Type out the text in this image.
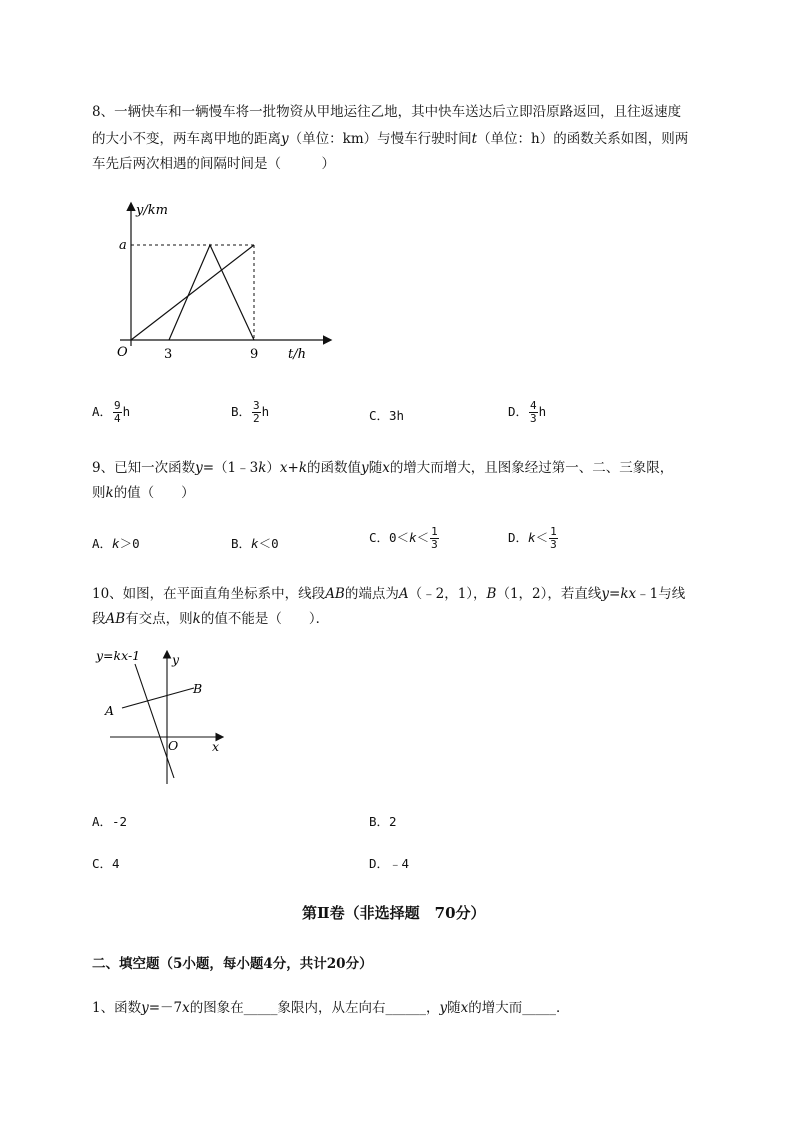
8、一辆快车和一辆慢车将一批物资从甲地运往乙地，其中快车送达后立即沿原路返回，且往返速度
的大小不变，两车离甲地的距离y（单位：km）与慢车行驶时间t（单位：h）的函数关系如图，则两
车先后两次相遇的间隔时间是（　　　）
y/km
a
O	3	9 t/h
A． $\frac{9}{4}$ h	B． $\frac{3}{2}$ h	C．3h	D． $\frac{4}{3}$ h
9、已知一次函数y=（1﹣3k）x+k的函数值y随x的增大而增大，且图象经过第一、二、三象限，
则k的值（　　）
A．k＞0	B．k＜0	C．$0<k< \frac{1}{3}$	D．$k< \frac{1}{3}$
10、如图，在平面直角坐标系中，线段AB的端点为A（﹣2，1），B（1，2），若直线y=kx﹣1与线
段AB有交点，则k的值不能是（　　）．
y=kx-1	y
B
A
O	x
A．-2	B．2
C．4	D．﹣4
第Ⅱ卷（非选择题　70分）
二、填空题（5小题，每小题4分，共计20分）
1、函数y=－7x的图象在_____象限内，从左向右______，y随x的增大而_____．
